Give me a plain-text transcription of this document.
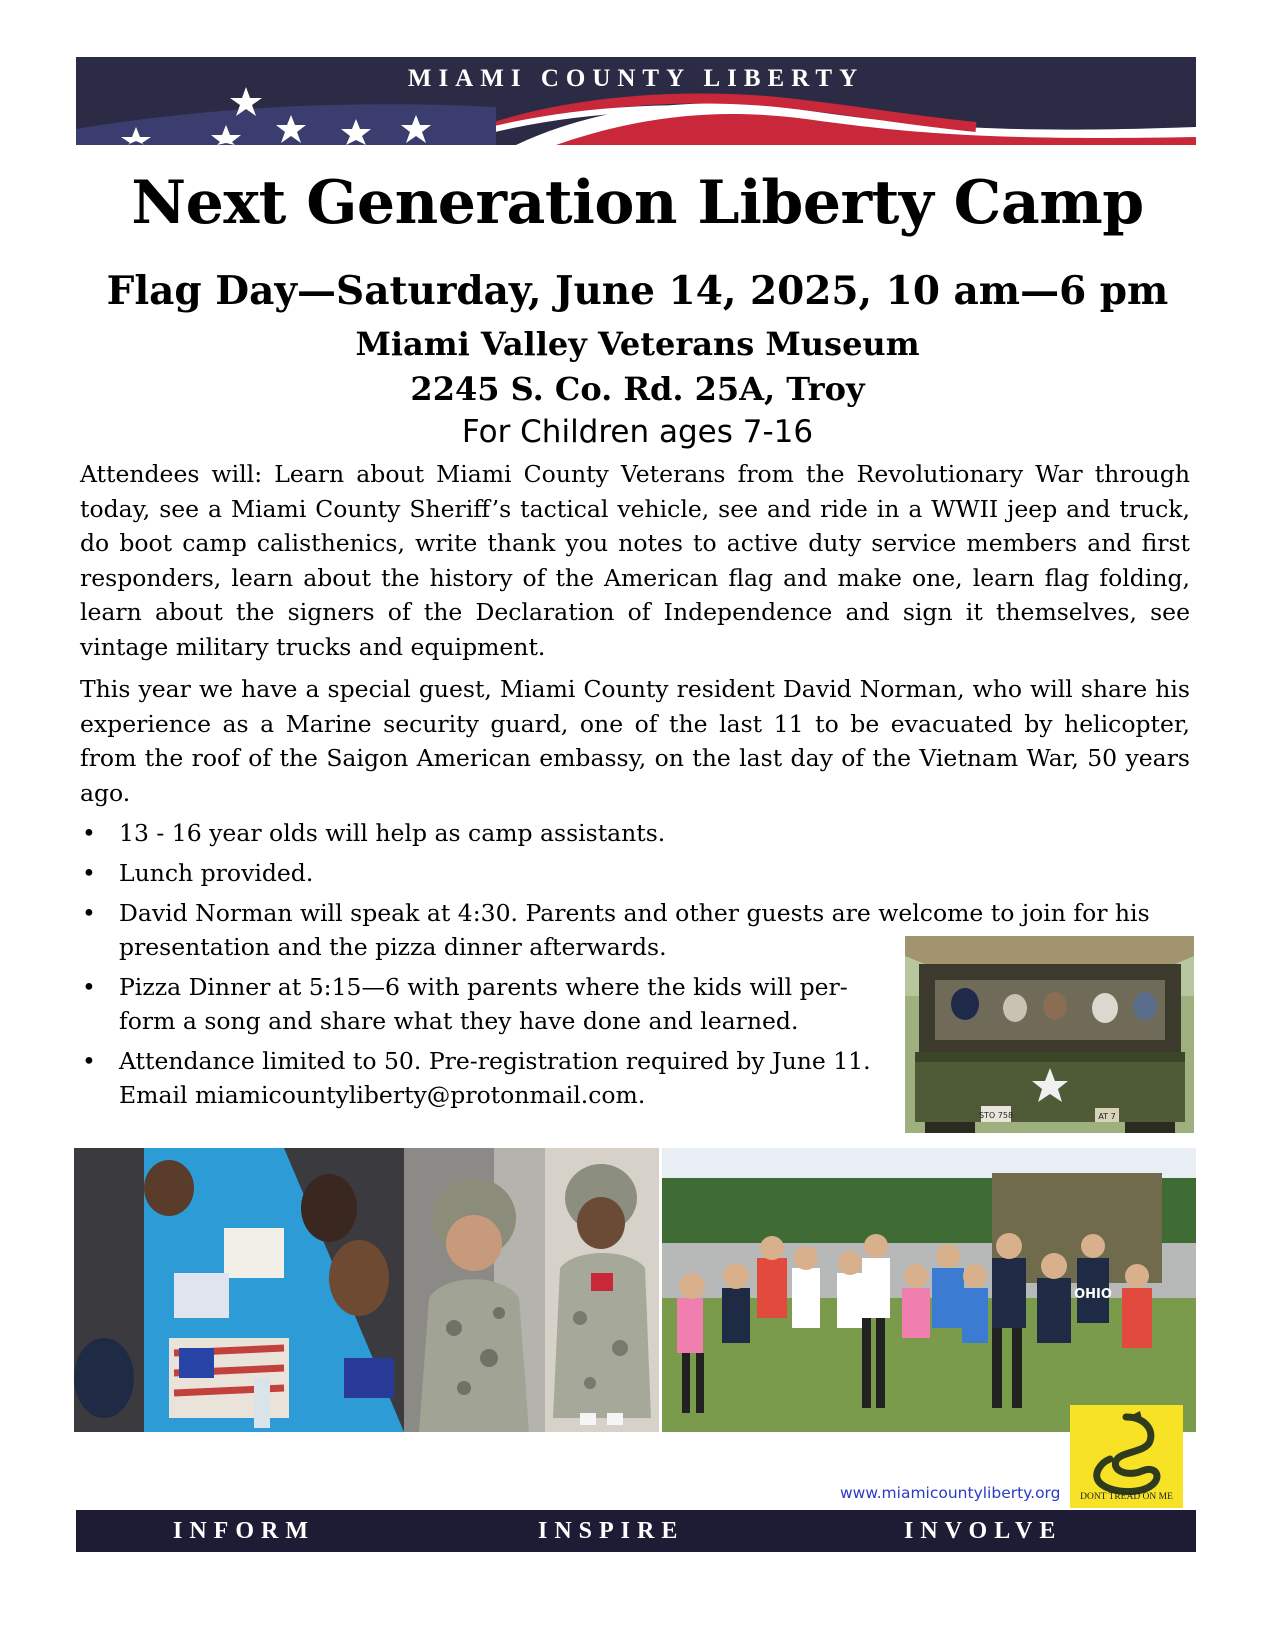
MIAMI COUNTY LIBERTY
Next Generation Liberty Camp
Flag Day—Saturday, June 14, 2025, 10 am—6 pm
Miami Valley Veterans Museum
2245 S. Co. Rd. 25A, Troy
For Children ages 7-16
Attendees will: Learn about Miami County Veterans from the Revolutionary War through today, see a Miami County Sheriff’s tactical vehicle, see and ride in a WWII jeep and truck, do boot camp calisthenics, write thank you notes to active duty service members and first responders, learn about the history of the American flag and make one, learn flag folding, learn about the signers of the Declaration of Independence and sign it themselves, see vintage military trucks and equipment.
This year we have a special guest, Miami County resident David Norman, who will share his experience as a Marine security guard, one of the last 11 to be evacuated by helicopter, from the roof of the Saigon American embassy, on the last day of the Vietnam War, 50 years ago.
• 13 - 16 year olds will help as camp assistants.
• Lunch provided.
• David Norman will speak at 4:30. Parents and other guests are welcome to join for his
presentation and the pizza dinner afterwards.
• Pizza Dinner at 5:15—6 with parents where the kids will per-
form a song and share what they have done and learned.
• Attendance limited to 50. Pre-registration required by June 11.
Email miamicountyliberty@protonmail.com.
STO 758	AT 7
OHIO
www.miamicountyliberty.org	DONT TREAD ON ME
INFORM	INSPIRE	INVOLVE
